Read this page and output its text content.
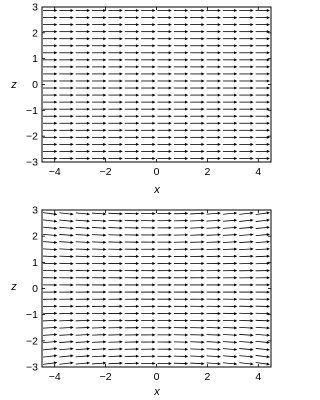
−4	−2	0	2	4
−3
−2
−1
0
1
2
3
x
z
−4	−2	0	2	4
−3
−2
−1
0
1
2
3
x
z
